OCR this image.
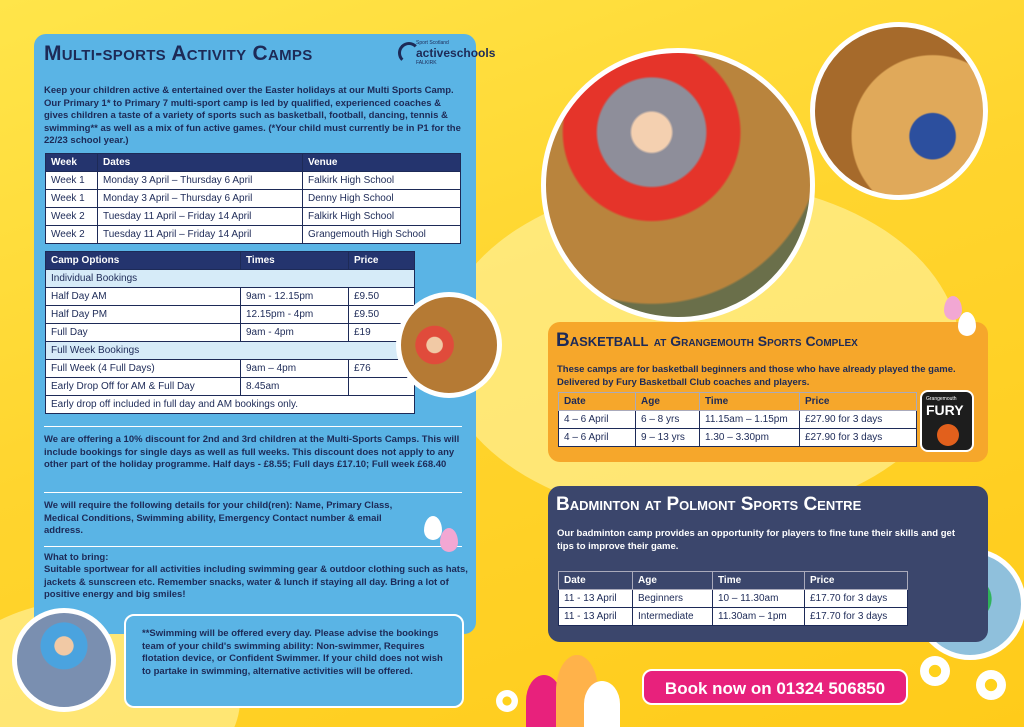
Multi-sports Activity Camps	Sport Scotland
activeschools
FALKIRK
Keep your children active & entertained over the Easter holidays at our Multi Sports Camp. Our Primary 1* to Primary 7 multi-sport camp is led by qualified, experienced coaches & gives children a taste of a variety of sports such as basketball, football, dancing, tennis & swimming** as well as a mix of fun active games. (*Your child must currently be in P1 for the 22/23 school year.)
Week	Dates	Venue
Week 1	Monday 3 April – Thursday 6 April	Falkirk High School
Week 1	Monday 3 April – Thursday 6 April	Denny High School
Week 2	Tuesday 11 April – Friday 14 April	Falkirk High School
Week 2	Tuesday 11 April – Friday 14 April	Grangemouth High School
Camp Options	Times	Price
Individual Bookings		
Half Day AM	9am - 12.15pm	£9.50
Half Day PM	12.15pm - 4pm	£9.50
Full Day	9am - 4pm	£19
Full Week Bookings		
Full Week (4 Full Days)	9am – 4pm	£76
Early Drop Off for AM & Full Day	8.45am	
Early drop off included in full day and AM bookings only.		
We are offering a 10% discount for 2nd and 3rd children at the Multi-Sports Camps. This will include bookings for single days as well as full weeks. This discount does not apply to any other part of the holiday programme. Half days - £8.55; Full days £17.10; Full week £68.40
We will require the following details for your child(ren): Name, Primary Class, Medical Conditions, Swimming ability, Emergency Contact number & email address.
What to bring:
Suitable sportwear for all activities including swimming gear & outdoor clothing such as hats, jackets & sunscreen etc. Remember snacks, water & lunch if staying all day. Bring a lot of positive energy and big smiles!
**Swimming will be offered every day. Please advise the bookings team of your child's swimming ability: Non-swimmer, Requires flotation device, or Confident Swimmer. If your child does not wish to partake in swimming, alternative activities will be offered.
Basketball at Grangemouth Sports Complex
These camps are for basketball beginners and those who have already played the game. Delivered by Fury Basketball Club coaches and players.
Date	Age	Time	Price
4 – 6 April	6 – 8 yrs	11.15am – 1.15pm	£27.90 for 3 days
4 – 6 April	9 – 13 yrs	1.30 – 3.30pm	£27.90 for 3 days
Grangemouth
FURY
Badminton at Polmont Sports Centre
Our badminton camp provides an opportunity for players to fine tune their skills and get tips to improve their game.
Date	Age	Time	Price
11 - 13 April	Beginners	10 – 11.30am	£17.70 for 3 days
11 - 13 April	Intermediate	11.30am – 1pm	£17.70 for 3 days
Book now on 01324 506850
